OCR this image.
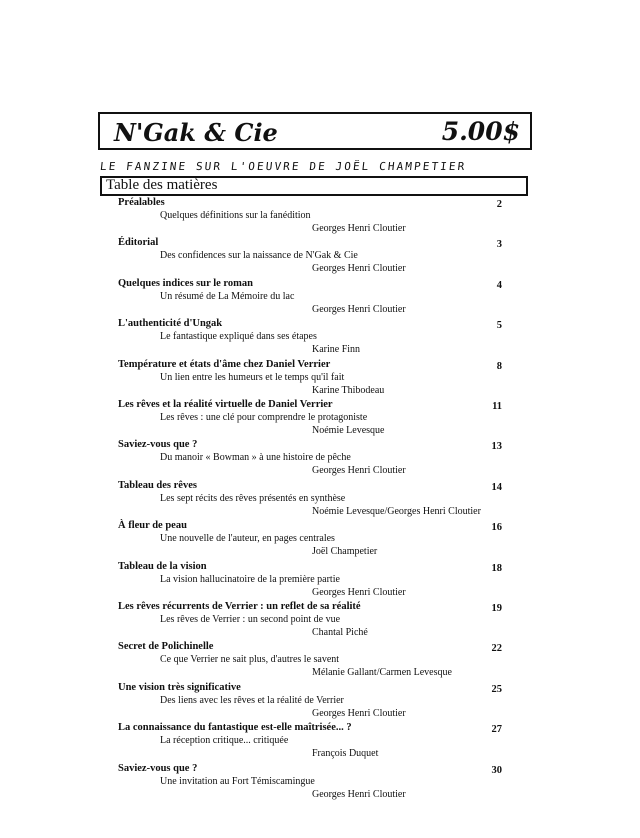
N'Gak & Cie	5.00$
LE FANZINE SUR L'OEUVRE DE JOËL CHAMPETIER
Table des matières
Préalables	2
Quelques définitions sur la fanédition
Georges Henri Cloutier
Éditorial	3
Des confidences sur la naissance de N'Gak & Cie
Georges Henri Cloutier
Quelques indices sur le roman	4
Un résumé de La Mémoire du lac
Georges Henri Cloutier
L'authenticité d'Ungak	5
Le fantastique expliqué dans ses étapes
Karine Finn
Température et états d'âme chez Daniel Verrier	8
Un lien entre les humeurs et le temps qu'il fait
Karine Thibodeau
Les rêves et la réalité virtuelle de Daniel Verrier	11
Les rêves : une clé pour comprendre le protagoniste
Noémie Levesque
Saviez-vous que ?	13
Du manoir « Bowman » à une histoire de pêche
Georges Henri Cloutier
Tableau des rêves	14
Les sept récits des rêves présentés en synthèse
Noémie Levesque/Georges Henri Cloutier
À fleur de peau	16
Une nouvelle de l'auteur, en pages centrales
Joël Champetier
Tableau de la vision	18
La vision hallucinatoire de la première partie
Georges Henri Cloutier
Les rêves récurrents de Verrier : un reflet de sa réalité	19
Les rêves de Verrier : un second point de vue
Chantal Piché
Secret de Polichinelle	22
Ce que Verrier ne sait plus, d'autres le savent
Mélanie Gallant/Carmen Levesque
Une vision très significative	25
Des liens avec les rêves et la réalité de Verrier
Georges Henri Cloutier
La connaissance du fantastique est-elle maîtrisée... ?	27
La réception critique... critiquée
François Duquet
Saviez-vous que ?	30
Une invitation au Fort Témiscamingue
Georges Henri Cloutier
